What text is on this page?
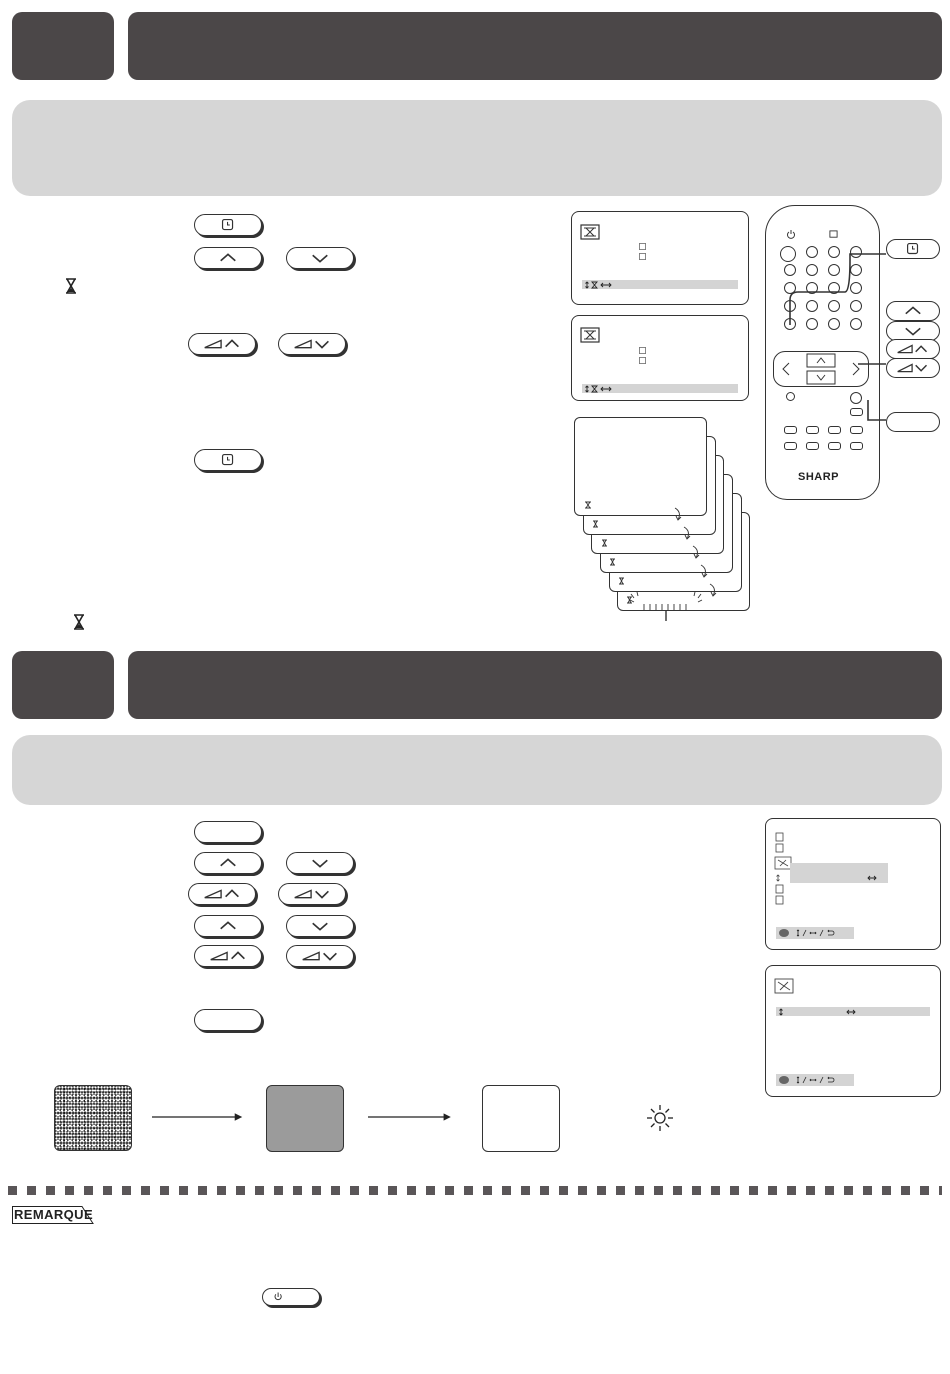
SHARP
REMARQUE
